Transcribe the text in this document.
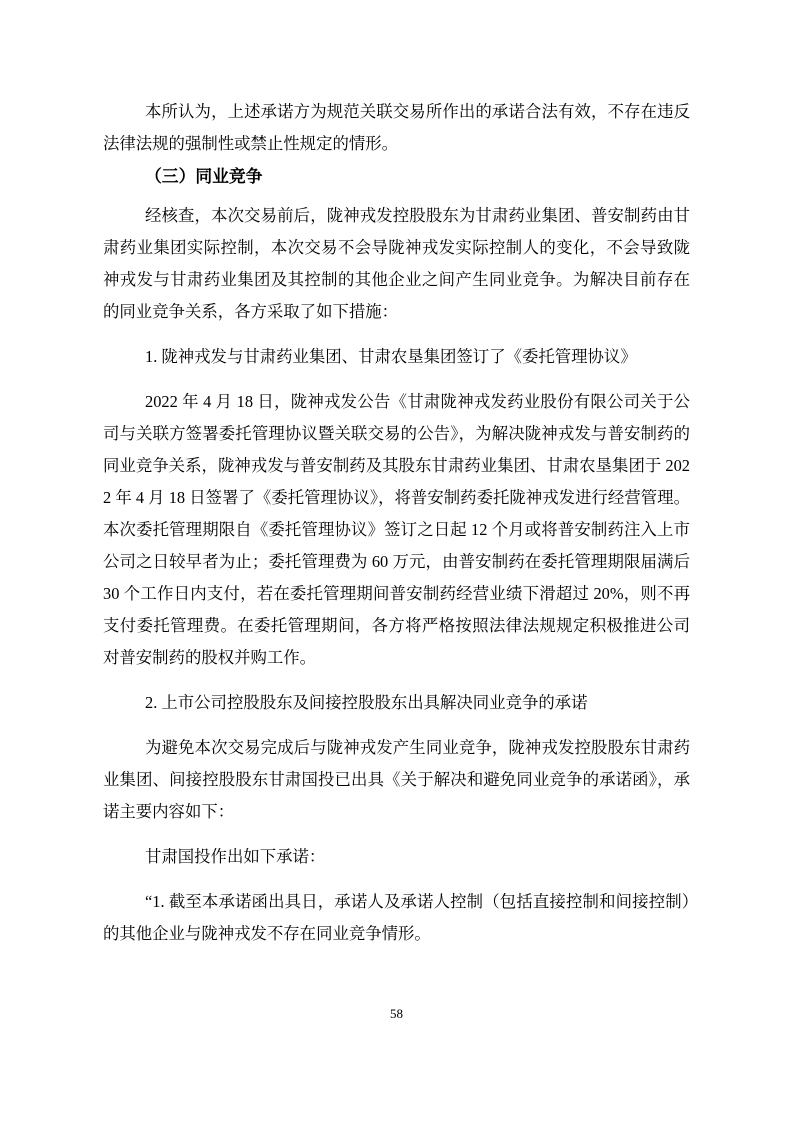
本所认为，上述承诺方为规范关联交易所作出的承诺合法有效，不存在违反法律法规的强制性或禁止性规定的情形。

（三）同业竞争

经核查，本次交易前后，陇神戎发控股股东为甘肃药业集团、普安制药由甘肃药业集团实际控制，本次交易不会导陇神戎发实际控制人的变化，不会导致陇神戎发与甘肃药业集团及其控制的其他企业之间产生同业竞争。为解决目前存在的同业竞争关系，各方采取了如下措施：

1. 陇神戎发与甘肃药业集团、甘肃农垦集团签订了《委托管理协议》

2022 年 4 月 18 日，陇神戎发公告《甘肃陇神戎发药业股份有限公司关于公司与关联方签署委托管理协议暨关联交易的公告》，为解决陇神戎发与普安制药的同业竞争关系，陇神戎发与普安制药及其股东甘肃药业集团、甘肃农垦集团于 2022 年 4 月 18 日签署了《委托管理协议》，将普安制药委托陇神戎发进行经营管理。本次委托管理期限自《委托管理协议》签订之日起 12 个月或将普安制药注入上市公司之日较早者为止；委托管理费为 60 万元，由普安制药在委托管理期限届满后 30 个工作日内支付，若在委托管理期间普安制药经营业绩下滑超过 20%，则不再支付委托管理费。在委托管理期间，各方将严格按照法律法规规定积极推进公司对普安制药的股权并购工作。

2. 上市公司控股股东及间接控股股东出具解决同业竞争的承诺

为避免本次交易完成后与陇神戎发产生同业竞争，陇神戎发控股股东甘肃药业集团、间接控股股东甘肃国投已出具《关于解决和避免同业竞争的承诺函》，承诺主要内容如下：

甘肃国投作出如下承诺：

“1. 截至本承诺函出具日，承诺人及承诺人控制（包括直接控制和间接控制）的其他企业与陇神戎发不存在同业竞争情形。

58
